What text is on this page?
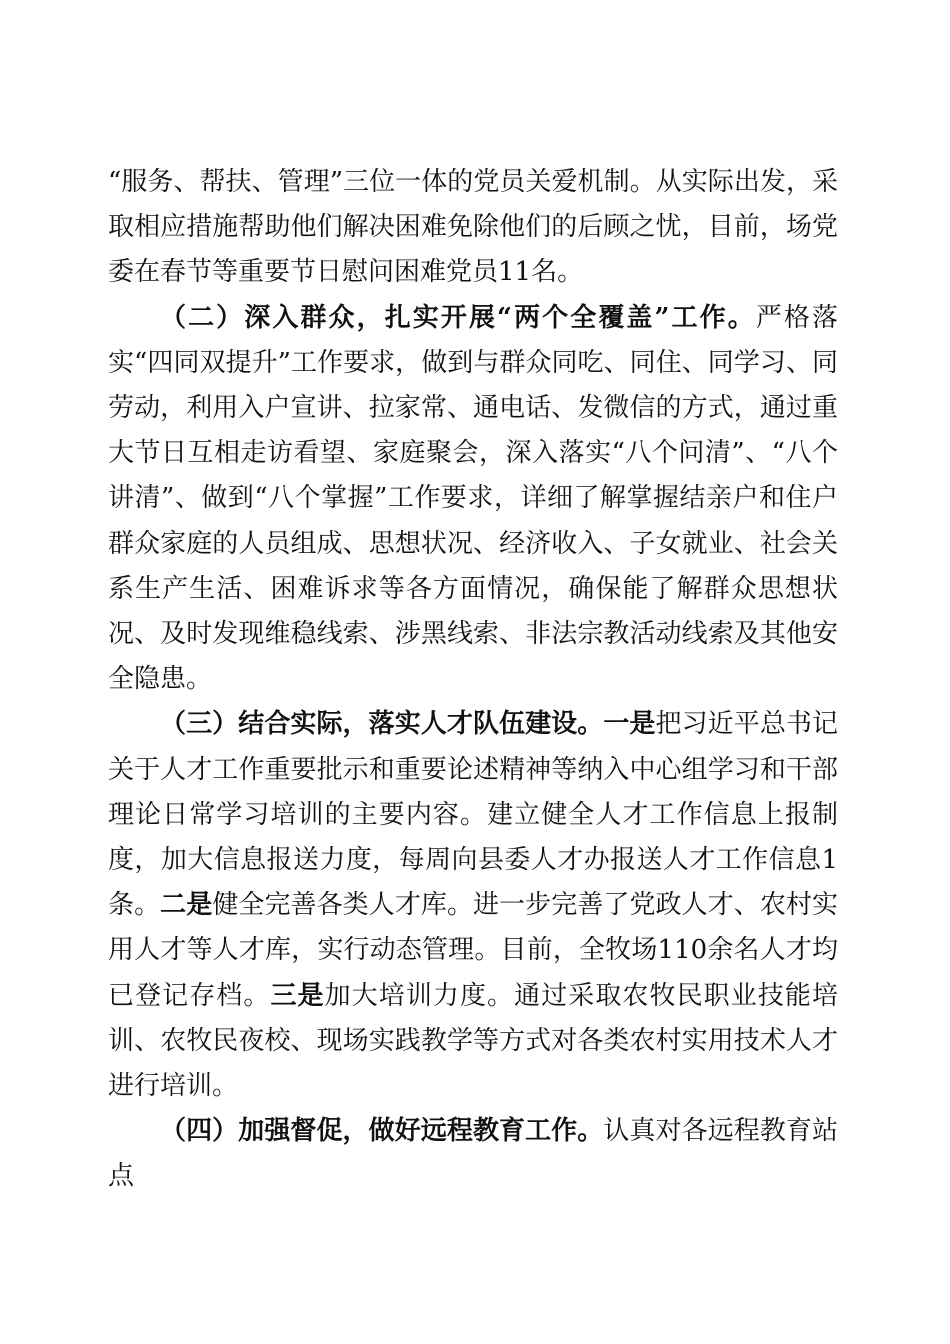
“服务、帮扶、管理”三位一体的党员关爱机制。从实际出发，采取相应措施帮助他们解决困难免除他们的后顾之忧，目前，场党委在春节等重要节日慰问困难党员11名。

（二）深入群众，扎实开展“两个全覆盖”工作。严格落实“四同双提升”工作要求，做到与群众同吃、同住、同学习、同劳动，利用入户宣讲、拉家常、通电话、发微信的方式，通过重大节日互相走访看望、家庭聚会，深入落实“八个问清”、“八个讲清”、做到“八个掌握”工作要求，详细了解掌握结亲户和住户群众家庭的人员组成、思想状况、经济收入、子女就业、社会关系生产生活、困难诉求等各方面情况，确保能了解群众思想状况、及时发现维稳线索、涉黑线索、非法宗教活动线索及其他安全隐患。

（三）结合实际，落实人才队伍建设。一是把习近平总书记关于人才工作重要批示和重要论述精神等纳入中心组学习和干部理论日常学习培训的主要内容。建立健全人才工作信息上报制度，加大信息报送力度，每周向县委人才办报送人才工作信息1条。二是健全完善各类人才库。进一步完善了党政人才、农村实用人才等人才库，实行动态管理。目前，全牧场110余名人才均已登记存档。三是加大培训力度。通过采取农牧民职业技能培训、农牧民夜校、现场实践教学等方式对各类农村实用技术人才进行培训。

（四）加强督促，做好远程教育工作。认真对各远程教育站点
